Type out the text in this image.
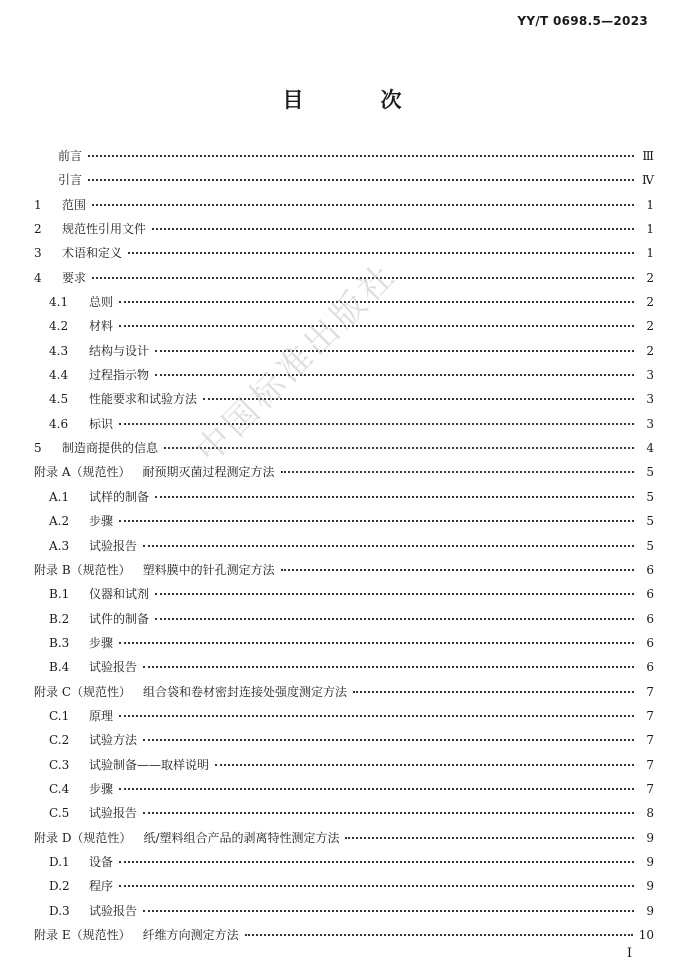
YY/T 0698.5—2023
目　次
前言	Ⅲ
引言	Ⅳ
1	范围	1
2	规范性引用文件	1
3	术语和定义	1
4	要求	2
4.1	总则	2
4.2	材料	2
4.3	结构与设计	2
4.4	过程指示物	3
4.5	性能要求和试验方法	3
4.6	标识	3
5	制造商提供的信息	4
附录 A（规范性） 耐预期灭菌过程测定方法	5
A.1	试样的制备	5
A.2	步骤	5
A.3	试验报告	5
附录 B（规范性） 塑料膜中的针孔测定方法	6
B.1	仪器和试剂	6
B.2	试件的制备	6
B.3	步骤	6
B.4	试验报告	6
附录 C（规范性） 组合袋和卷材密封连接处强度测定方法	7
C.1	原理	7
C.2	试验方法	7
C.3	试验制备——取样说明	7
C.4	步骤	7
C.5	试验报告	8
附录 D（规范性） 纸/塑料组合产品的剥离特性测定方法	9
D.1	设备	9
D.2	程序	9
D.3	试验报告	9
附录 E（规范性） 纤维方向测定方法	10
中国标准出版社
I
